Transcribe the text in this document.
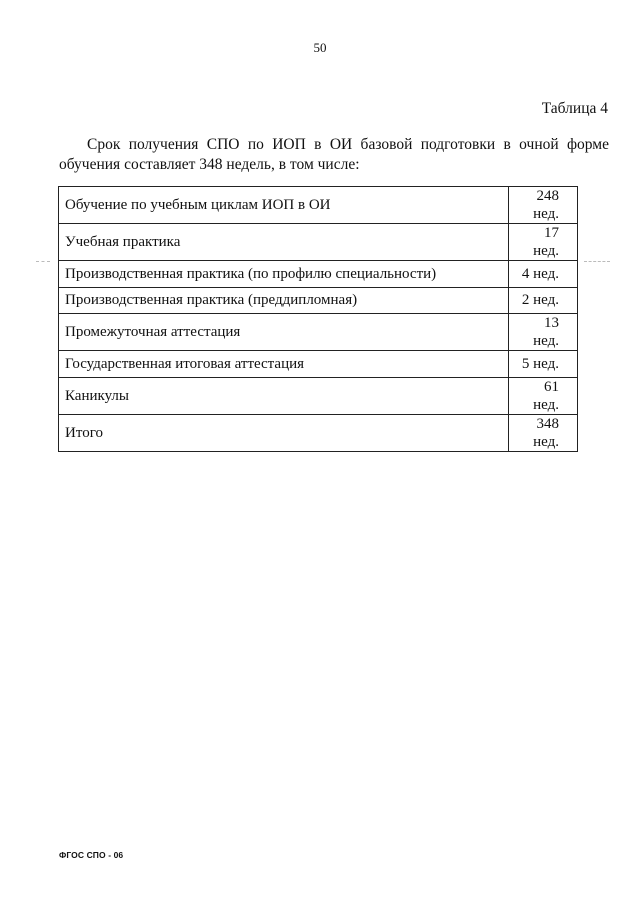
50
Таблица 4

Срок получения СПО по ИОП в ОИ базовой подготовки в очной форме обучения составляет 348 недель, в том числе:

Обучение по учебным циклам ИОП в ОИ	248 нед.
Учебная практика	17 нед.
Производственная практика (по профилю специальности)	4 нед.
Производственная практика (преддипломная)	2 нед.
Промежуточная аттестация	13 нед.
Государственная итоговая аттестация	5 нед.
Каникулы	61 нед.
Итого	348 нед.
ФГОС СПО - 06
